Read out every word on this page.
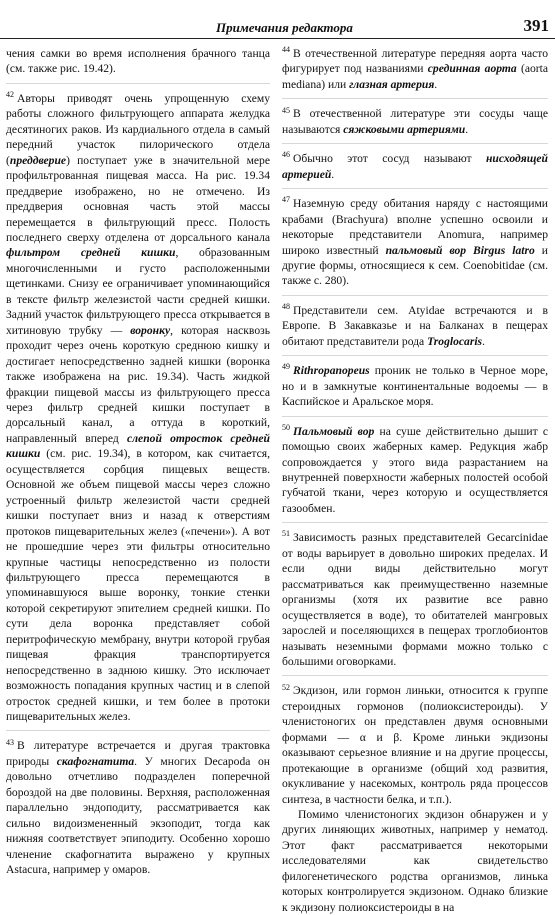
Примечания редактора	391

чения самки во время исполнения брачного танца (см. также рис. 19.42).

$^{42}$ Авторы приводят очень упрощенную схему работы сложного фильтрующего аппарата желудка десятиногих раков. Из кардиального отдела в самый передний участок пилорического отдела (преддверие) поступает уже в значительной мере профильтрованная пищевая масса. На рис. 19.34 преддверие изображено, но не отмечено. Из преддверия основная часть этой массы перемещается в фильтрующий пресс. Полость последнего сверху отделена от дорсального канала фильтром средней кишки, образованным многочисленными и густо расположенными щетинками. Снизу ее ограничивает упоминающийся в тексте фильтр железистой части средней кишки. Задний участок фильтрующего пресса открывается в хитиновую трубку — воронку, которая насквозь проходит через очень короткую среднюю кишку и достигает непосредственно задней кишки (воронка также изображена на рис. 19.34). Часть жидкой фракции пищевой массы из фильтрующего пресса через фильтр средней кишки поступает в дорсальный канал, а оттуда в короткий, направленный вперед слепой отросток средней кишки (см. рис. 19.34), в котором, как считается, осуществляется сорбция пищевых веществ. Основной же объем пищевой массы через сложно устроенный фильтр железистой части средней кишки поступает вниз и назад к отверстиям протоков пищеварительных желез («печени»). А вот не прошедшие через эти фильтры относительно крупные частицы непосредственно из полости фильтрующего пресса перемещаются в упоминавшуюся выше воронку, тонкие стенки которой секретируют эпителием средней кишки. По сути дела воронка представляет собой перитрофическую мембрану, внутри которой грубая пищевая фракция транспортируется непосредственно в заднюю кишку. Это исключает возможность попадания крупных частиц и в слепой отросток средней кишки, и тем более в протоки пищеварительных желез.

$^{43}$ В литературе встречается и другая трактовка природы скафогнатита. У многих Decapoda он довольно отчетливо подразделен поперечной бороздой на две половины. Верхняя, расположенная параллельно эндоподиту, рассматривается как сильно видоизмененный экзоподит, тогда как нижняя соответствует эпиподиту. Особенно хорошо членение скафогнатита выражено у крупных Astacura, например у омаров.

$^{44}$ В отечественной литературе передняя аорта часто фигурирует под названиями срединная аорта (aorta mediana) или глазная артерия.

$^{45}$ В отечественной литературе эти сосуды чаще называются сяжковыми артериями.

$^{46}$ Обычно этот сосуд называют нисходящей артерией.

$^{47}$ Наземную среду обитания наряду с настоящими крабами (Brachyura) вполне успешно освоили и некоторые представители Anomura, например широко известный пальмовый вор Birgus latro и другие формы, относящиеся к сем. Coenobitidae (см. также с. 280).

$^{48}$ Представители сем. Atyidae встречаются и в Европе. В Закавказье и на Балканах в пещерах обитают представители рода Troglocaris.

$^{49}$ Rithropanopeus проник не только в Черное море, но и в замкнутые континентальные водоемы — в Каспийское и Аральское моря.

$^{50}$ Пальмовый вор на суше действительно дышит с помощью своих жаберных камер. Редукция жабр сопровождается у этого вида разрастанием на внутренней поверхности жаберных полостей особой губчатой ткани, через которую и осуществляется газообмен.

$^{51}$ Зависимость разных представителей Gecarcinidae от воды варьирует в довольно широких пределах. И если одни виды действительно могут рассматриваться как преимущественно наземные организмы (хотя их развитие все равно осуществляется в воде), то обитателей мангровых зарослей и поселяющихся в пещерах троглобионтов называть неземными формами можно только с большими оговорками.

$^{52}$ Экдизон, или гормон линьки, относится к группе стероидных гормонов (полиоксистероиды). У членистоногих он представлен двумя основными формами — α и β. Кроме линьки экдизоны оказывают серьезное влияние и на другие процессы, протекающие в организме (общий ход развития, окукливание у насекомых, контроль ряда процессов синтеза, в частности белка, и т.п.).

Помимо членистоногих экдизон обнаружен и у других линяющих животных, например у нематод. Этот факт рассматривается некоторыми исследователями как свидетельство филогенетического родства организмов, линька которых контролируется экдизоном. Однако близкие к экдизону полиоксистероиды в на
